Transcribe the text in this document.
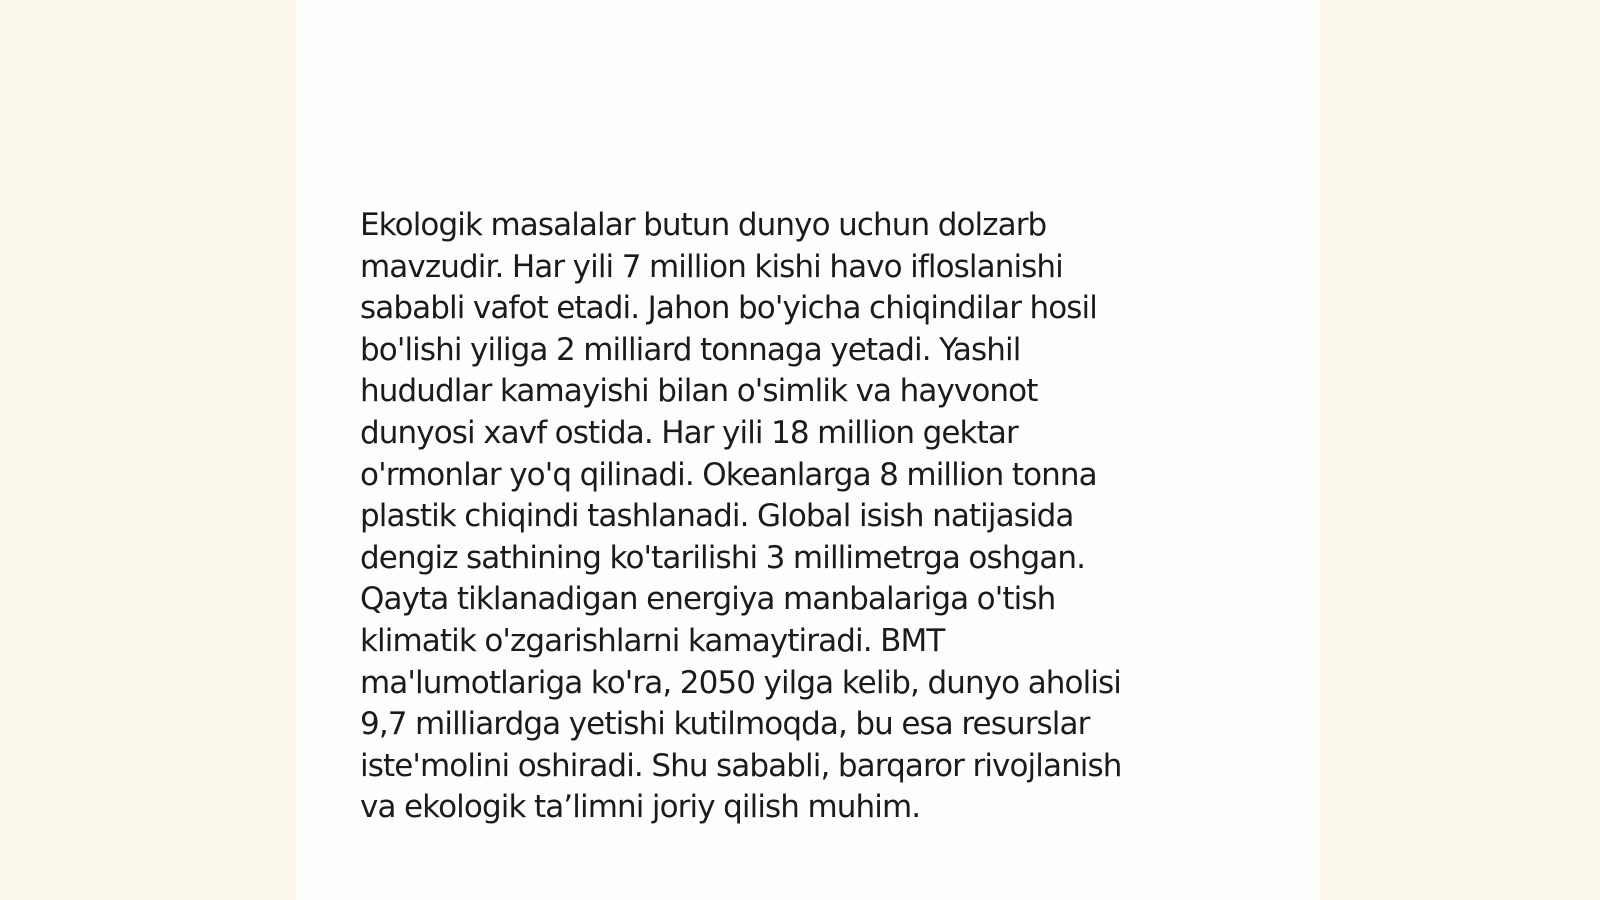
Ekologik masalalar butun dunyo uchun dolzarb
mavzudir. Har yili 7 million kishi havo ifloslanishi
sababli vafot etadi. Jahon bo'yicha chiqindilar hosil
bo'lishi yiliga 2 milliard tonnaga yetadi. Yashil
hududlar kamayishi bilan o'simlik va hayvonot
dunyosi xavf ostida. Har yili 18 million gektar
o'rmonlar yo'q qilinadi. Okeanlarga 8 million tonna
plastik chiqindi tashlanadi. Global isish natijasida
dengiz sathining ko'tarilishi 3 millimetrga oshgan.
Qayta tiklanadigan energiya manbalariga o'tish
klimatik o'zgarishlarni kamaytiradi. BMT
ma'lumotlariga ko'ra, 2050 yilga kelib, dunyo aholisi
9,7 milliardga yetishi kutilmoqda, bu esa resurslar
iste'molini oshiradi. Shu sababli, barqaror rivojlanish
va ekologik ta’limni joriy qilish muhim.
